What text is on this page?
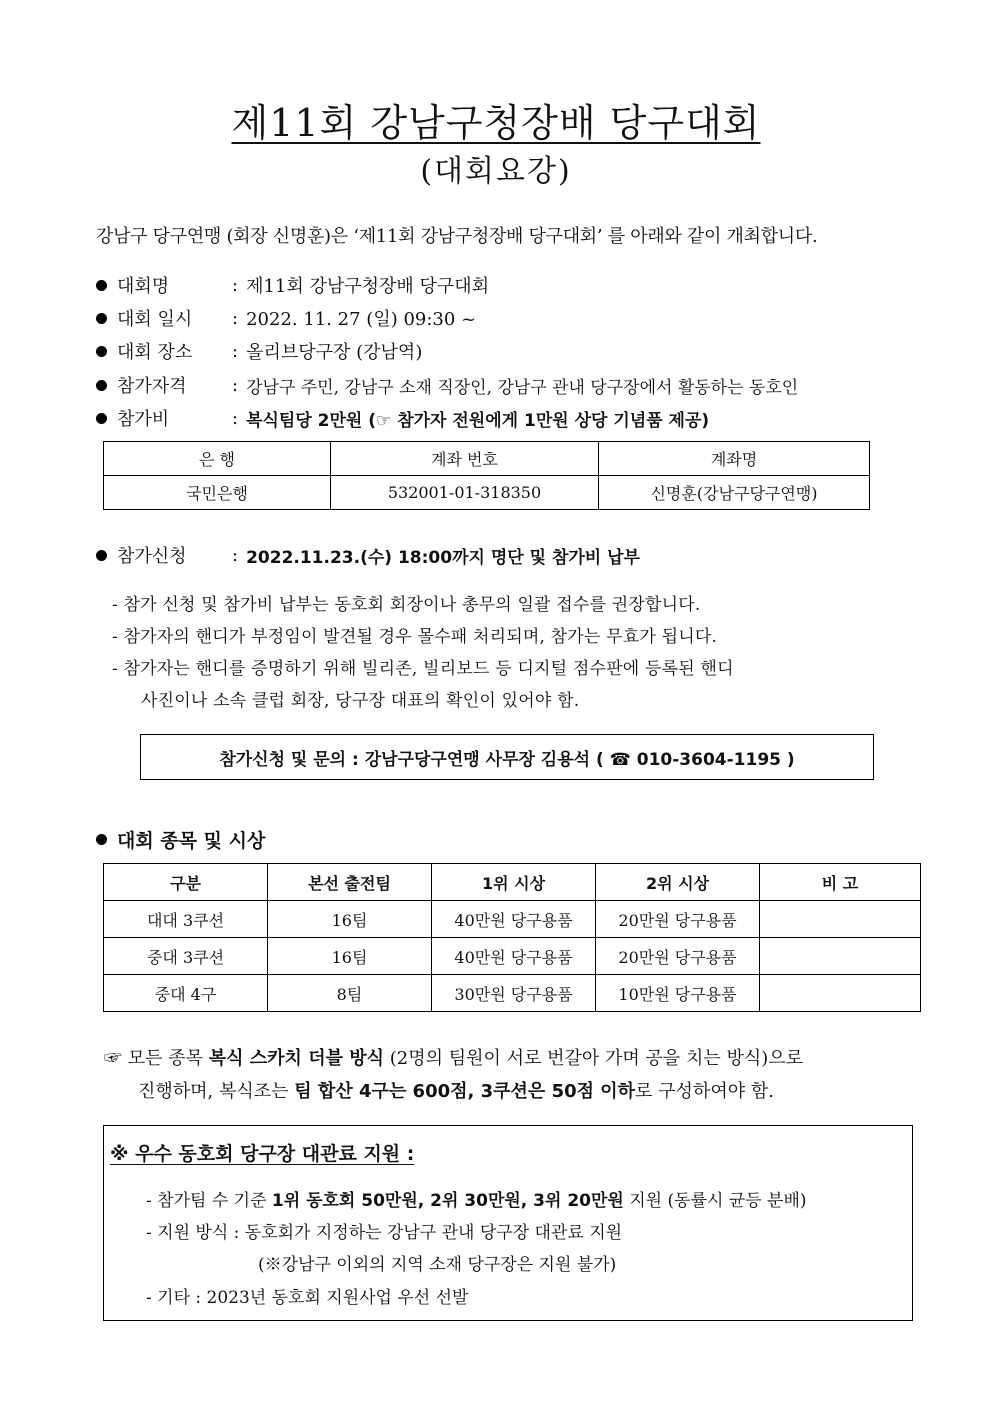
제11회 강남구청장배 당구대회
(대회요강)
강남구 당구연맹 (회장 신명훈)은 ‘제11회 강남구청장배 당구대회’ 를 아래와 같이 개최합니다.
대회명	: 제11회 강남구청장배 당구대회
대회 일시	: 2022. 11. 27 (일) 09:30 ~
대회 장소	: 올리브당구장 (강남역)
참가자격	: 강남구 주민, 강남구 소재 직장인, 강남구 관내 당구장에서 활동하는 동호인
참가비	: 복식팀당 2만원 (☞ 참가자 전원에게 1만원 상당 기념품 제공)
은 행	계좌 번호	계좌명
국민은행	532001-01-318350	신명훈(강남구당구연맹)
참가신청	: 2022.11.23.(수) 18:00까지 명단 및 참가비 납부
- 참가 신청 및 참가비 납부는 동호회 회장이나 총무의 일괄 접수를 권장합니다.
- 참가자의 핸디가 부정임이 발견될 경우 몰수패 처리되며, 참가는 무효가 됩니다.
- 참가자는 핸디를 증명하기 위해 빌리존, 빌리보드 등 디지털 점수판에 등록된 핸디
사진이나 소속 클럽 회장, 당구장 대표의 확인이 있어야 함.
참가신청 및 문의 : 강남구당구연맹 사무장 김용석 ( ☎ 010-3604-1195 )
대회 종목 및 시상
구분	본선 출전팀	1위 시상	2위 시상	비 고
대대 3쿠션	16팀	40만원 당구용품	20만원 당구용품	
중대 3쿠션	16팀	40만원 당구용품	20만원 당구용품	
중대 4구	8팀	30만원 당구용품	10만원 당구용품	
☞ 모든 종목 복식 스카치 더블 방식 (2명의 팀원이 서로 번갈아 가며 공을 치는 방식)으로
진행하며, 복식조는 팀 합산 4구는 600점, 3쿠션은 50점 이하로 구성하여야 함.
※ 우수 동호회 당구장 대관료 지원 :
- 참가팀 수 기준 1위 동호회 50만원, 2위 30만원, 3위 20만원 지원 (동률시 균등 분배)
- 지원 방식 : 동호회가 지정하는 강남구 관내 당구장 대관료 지원
(※강남구 이외의 지역 소재 당구장은 지원 불가)
- 기타 : 2023년 동호회 지원사업 우선 선발
